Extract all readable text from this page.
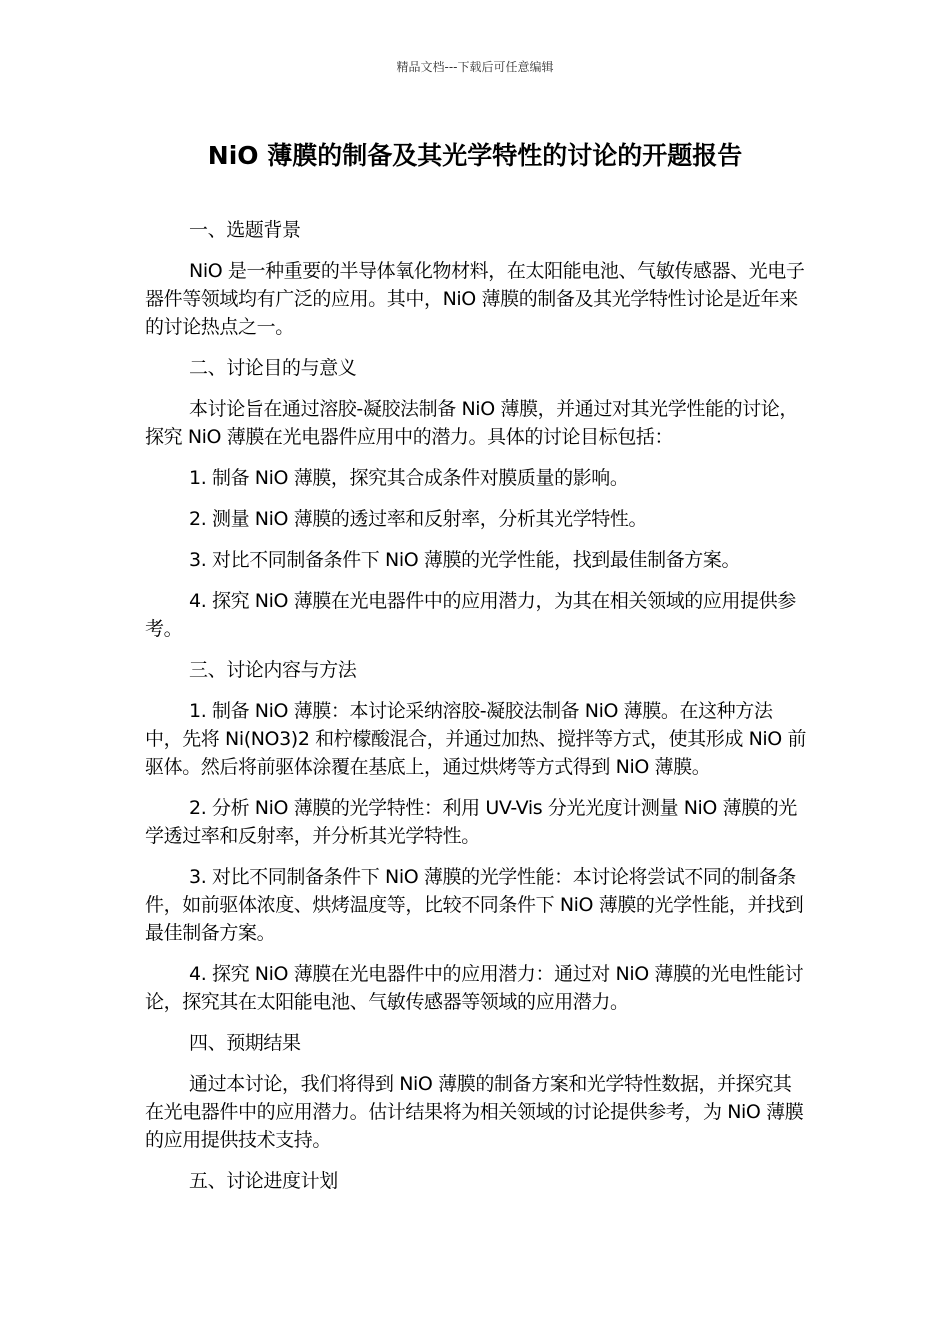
精品文档---下载后可任意编辑
NiO 薄膜的制备及其光学特性的讨论的开题报告

一、选题背景

NiO 是一种重要的半导体氧化物材料，在太阳能电池、气敏传感器、光电子器件等领域均有广泛的应用。其中，NiO 薄膜的制备及其光学特性讨论是近年来的讨论热点之一。

二、讨论目的与意义

本讨论旨在通过溶胶-凝胶法制备 NiO 薄膜，并通过对其光学性能的讨论，探究 NiO 薄膜在光电器件应用中的潜力。具体的讨论目标包括：

1. 制备 NiO 薄膜，探究其合成条件对膜质量的影响。

2. 测量 NiO 薄膜的透过率和反射率，分析其光学特性。

3. 对比不同制备条件下 NiO 薄膜的光学性能，找到最佳制备方案。

4. 探究 NiO 薄膜在光电器件中的应用潜力，为其在相关领域的应用提供参考。

三、讨论内容与方法

1. 制备 NiO 薄膜：本讨论采纳溶胶-凝胶法制备 NiO 薄膜。在这种方法中，先将 Ni(NO3)2 和柠檬酸混合，并通过加热、搅拌等方式，使其形成 NiO 前驱体。然后将前驱体涂覆在基底上，通过烘烤等方式得到 NiO 薄膜。

2. 分析 NiO 薄膜的光学特性：利用 UV-Vis 分光光度计测量 NiO 薄膜的光学透过率和反射率，并分析其光学特性。

3. 对比不同制备条件下 NiO 薄膜的光学性能：本讨论将尝试不同的制备条件，如前驱体浓度、烘烤温度等，比较不同条件下 NiO 薄膜的光学性能，并找到最佳制备方案。

4. 探究 NiO 薄膜在光电器件中的应用潜力：通过对 NiO 薄膜的光电性能讨论，探究其在太阳能电池、气敏传感器等领域的应用潜力。

四、预期结果

通过本讨论，我们将得到 NiO 薄膜的制备方案和光学特性数据，并探究其在光电器件中的应用潜力。估计结果将为相关领域的讨论提供参考，为 NiO 薄膜的应用提供技术支持。

五、讨论进度计划
